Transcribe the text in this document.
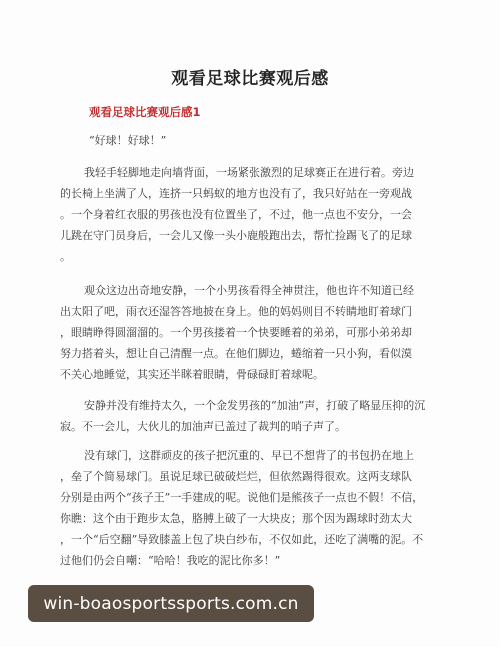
观看足球比赛观后感
观看足球比赛观后感1
“好球！好球！”
我轻手轻脚地走向墙背面，一场紧张激烈的足球赛正在进行着。旁边
的长椅上坐满了人，连挤一只蚂蚁的地方也没有了，我只好站在一旁观战
。一个身着红衣服的男孩也没有位置坐了，不过，他一点也不安分，一会
儿跳在守门员身后，一会儿又像一头小鹿般跑出去，帮忙捡踢飞了的足球
。
观众这边出奇地安静，一个小男孩看得全神贯注，他也许不知道已经
出太阳了吧，雨衣还湿答答地披在身上。他的妈妈则目不转睛地盯着球门
，眼睛睁得圆溜溜的。一个男孩搂着一个快要睡着的弟弟，可那小弟弟却
努力搭着头，想让自己清醒一点。在他们脚边，蜷缩着一只小狗，看似漠
不关心地睡觉，其实还半眯着眼睛，骨碌碌盯着球呢。
安静并没有维持太久，一个金发男孩的“加油”声，打破了略显压抑的沉
寂。不一会儿，大伙儿的加油声已盖过了裁判的哨子声了。
没有球门，这群顽皮的孩子把沉重的、早已不想背了的书包扔在地上
，垒了个简易球门。虽说足球已破破烂烂，但依然踢得很欢。这两支球队
分别是由两个“孩子王”一手建成的呢。说他们是熊孩子一点也不假！不信，
你瞧：这个由于跑步太急，胳膊上破了一大块皮；那个因为踢球时劲太大
，一个“后空翻”导致膝盖上包了块白纱布，不仅如此，还吃了满嘴的泥。不
过他们仍会自嘲：“哈哈！我吃的泥比你多！”
win-boaosportssports.com.cn
